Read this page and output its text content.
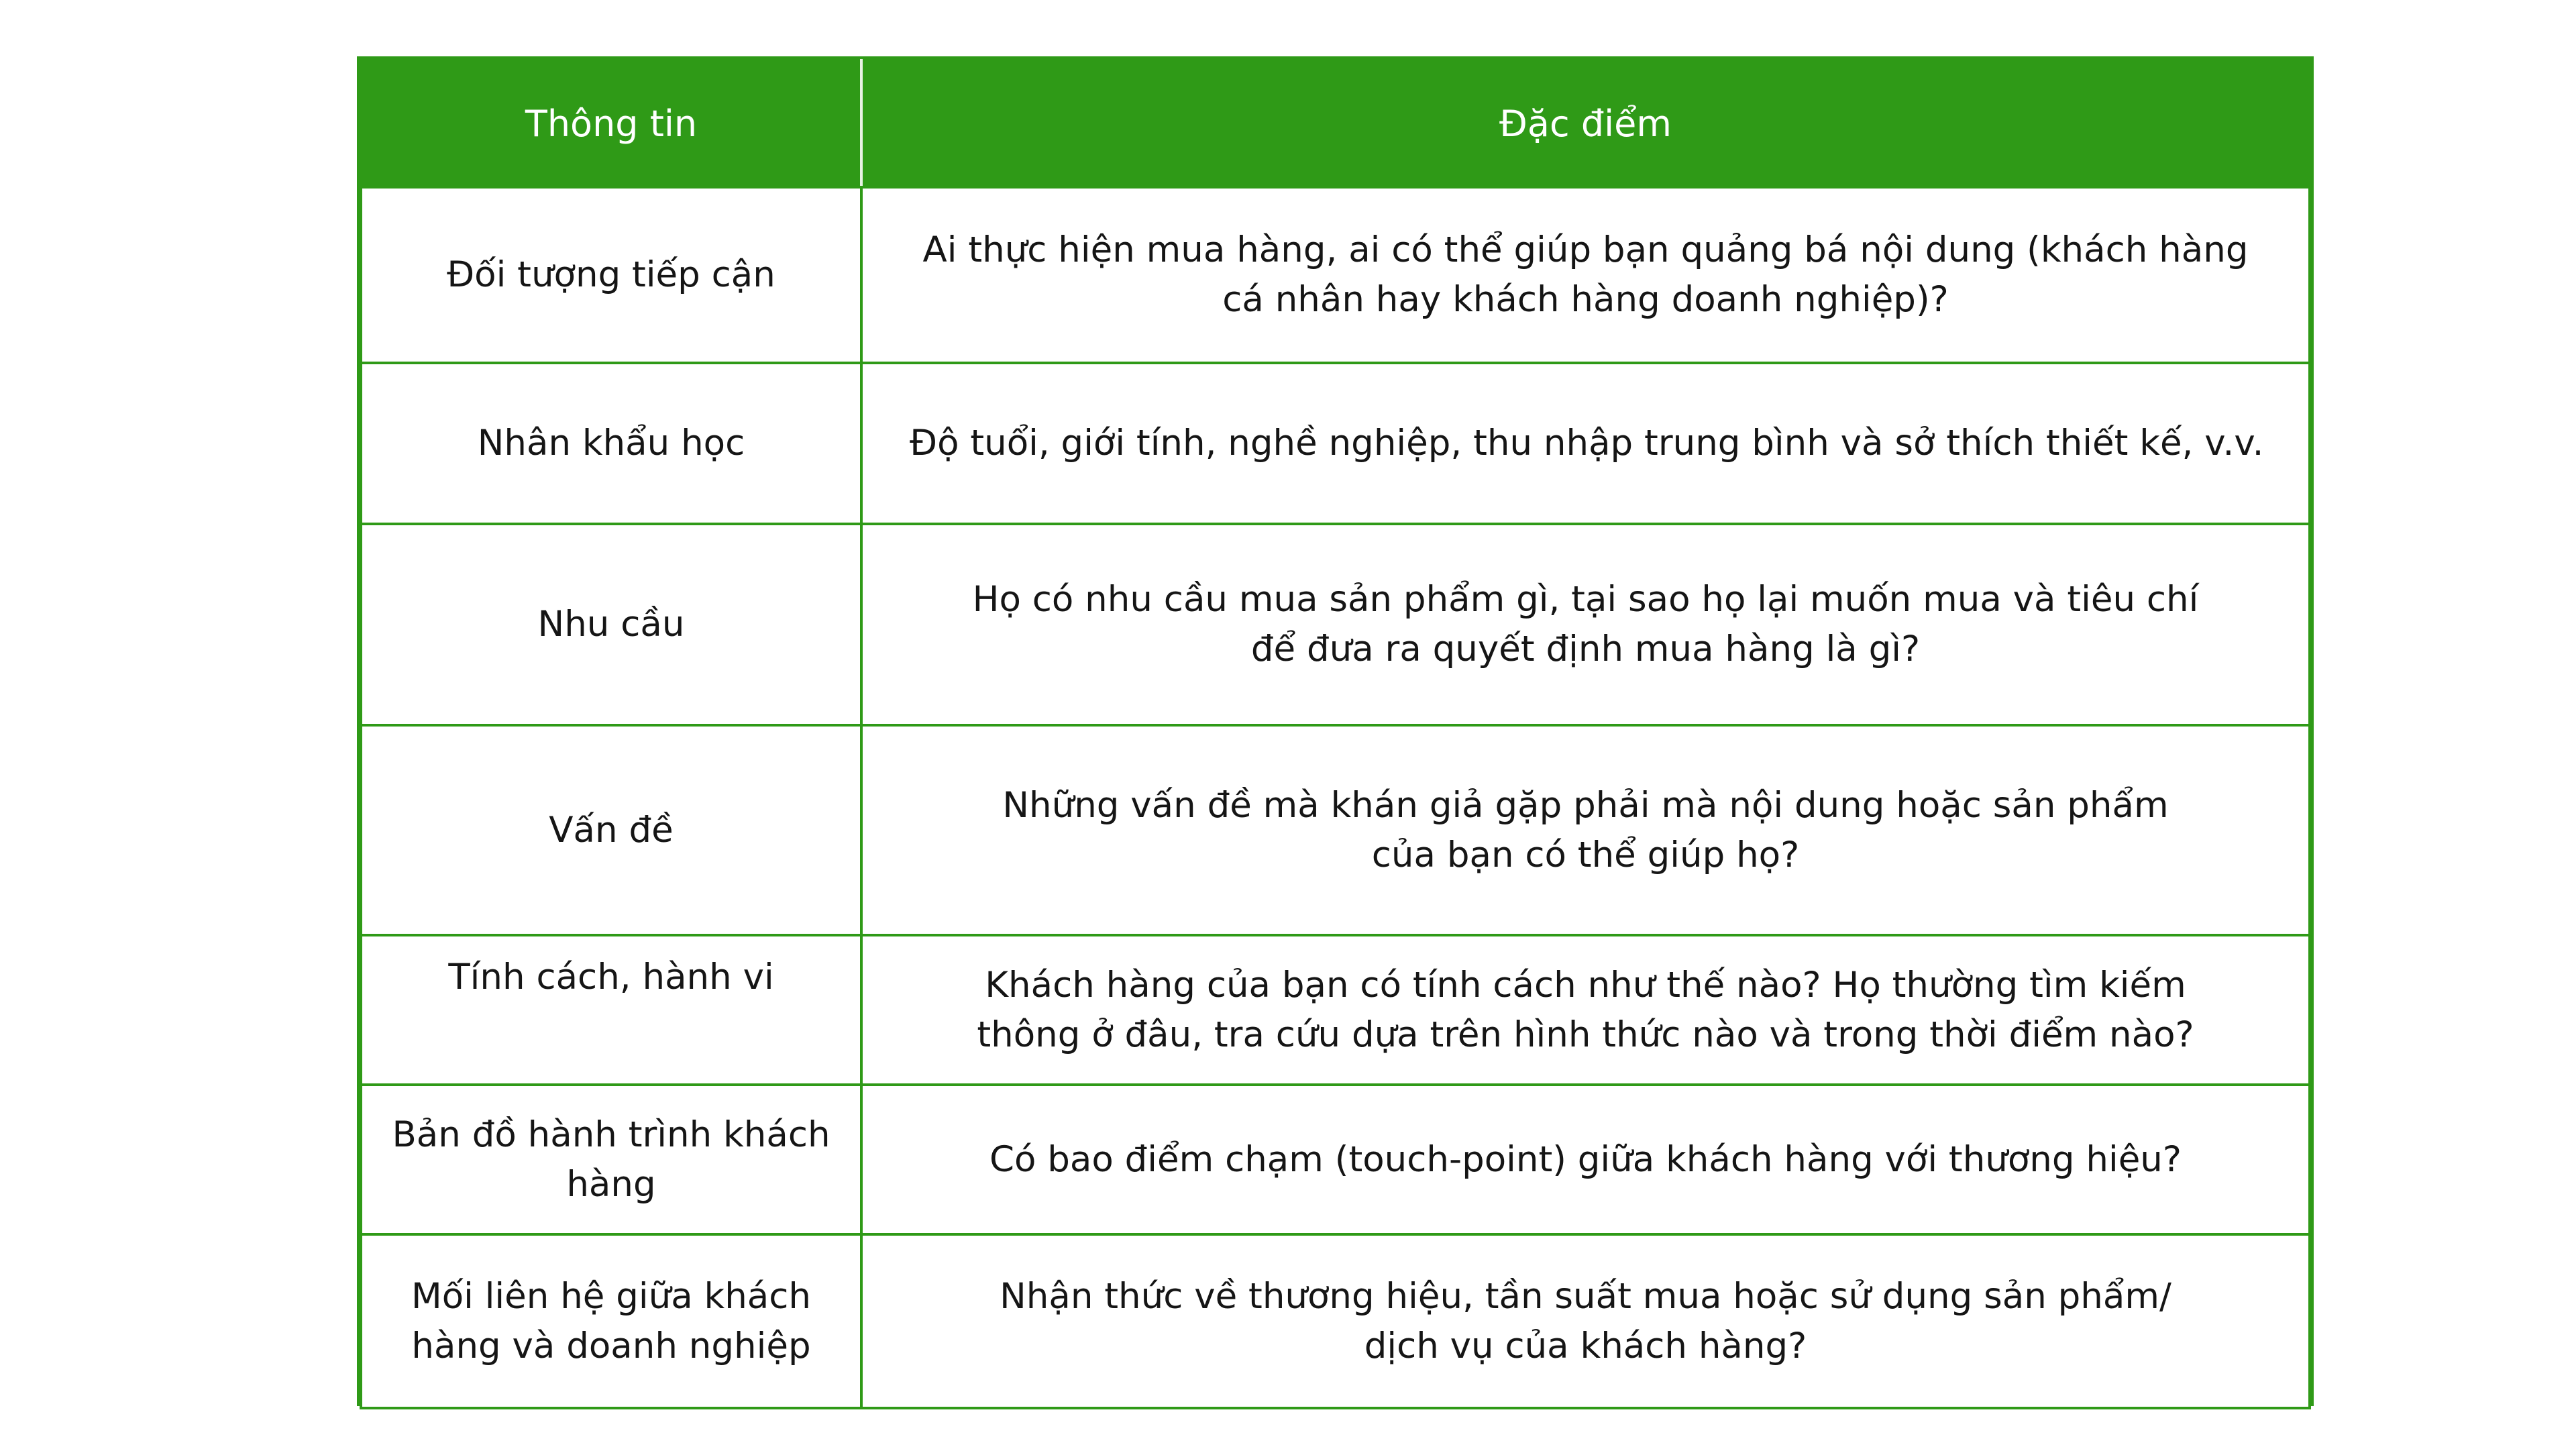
Thông tin	Đặc điểm

Đối tượng tiếp cận	Ai thực hiện mua hàng, ai có thể giúp bạn quảng bá nội dung (khách hàng
cá nhân hay khách hàng doanh nghiệp)?

Nhân khẩu học	Độ tuổi, giới tính, nghề nghiệp, thu nhập trung bình và sở thích thiết kế, v.v.

Nhu cầu	Họ có nhu cầu mua sản phẩm gì, tại sao họ lại muốn mua và tiêu chí
để đưa ra quyết định mua hàng là gì?

Vấn đề	Những vấn đề mà khán giả gặp phải mà nội dung hoặc sản phẩm
của bạn có thể giúp họ?

Tính cách, hành vi	Khách hàng của bạn có tính cách như thế nào? Họ thường tìm kiếm
thông ở đâu, tra cứu dựa trên hình thức nào và trong thời điểm nào?

Bản đồ hành trình khách
hàng	Có bao điểm chạm (touch-point) giữa khách hàng với thương hiệu?

Mối liên hệ giữa khách
hàng và doanh nghiệp	Nhận thức về thương hiệu, tần suất mua hoặc sử dụng sản phẩm/
dịch vụ của khách hàng?
